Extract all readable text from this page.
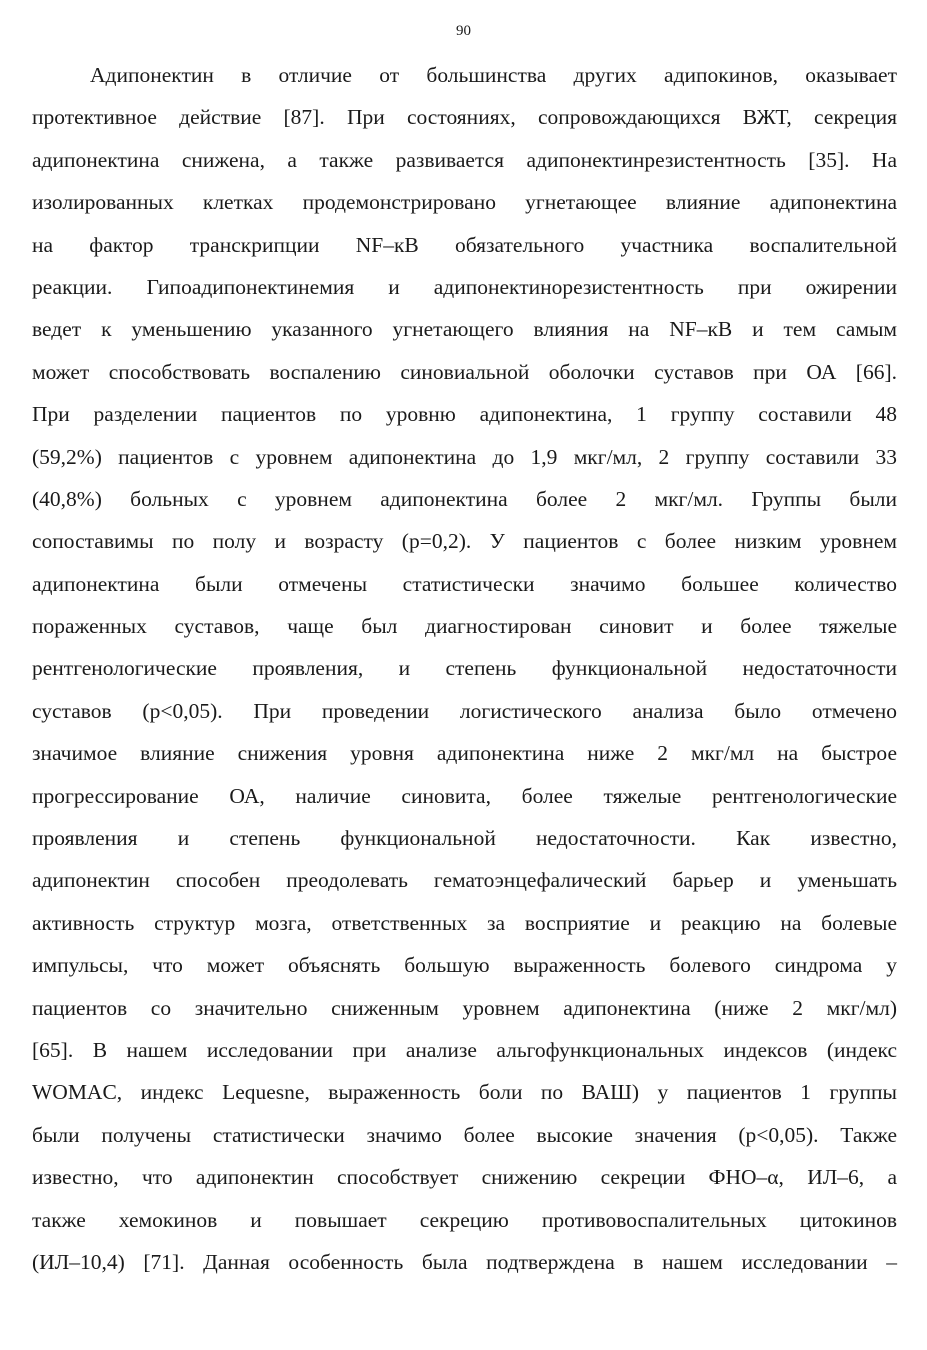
90
Адипонектин в отличие от большинства других адипокинов, оказывает
протективное действие [87]. При состояниях, сопровождающихся ВЖТ, секреция
адипонектина снижена, а также развивается адипонектинрезистентность [35]. На
изолированных клетках продемонстрировано угнетающее влияние адипонектина
на фактор транскрипции NF–кВ обязательного участника воспалительной
реакции. Гипоадипонектинемия и адипонектинорезистентность при ожирении
ведет к уменьшению указанного угнетающего влияния на NF–кВ и тем самым
может способствовать воспалению синовиальной оболочки суставов при ОА [66].
При разделении пациентов по уровню адипонектина, 1 группу составили 48
(59,2%) пациентов с уровнем адипонектина до 1,9 мкг/мл, 2 группу составили 33
(40,8%) больных с уровнем адипонектина более 2 мкг/мл. Группы были
сопоставимы по полу и возрасту (p=0,2). У пациентов с более низким уровнем
адипонектина были отмечены статистически значимо большее количество
пораженных суставов, чаще был диагностирован синовит и более тяжелые
рентгенологические проявления, и степень функциональной недостаточности
суставов (p<0,05). При проведении логистического анализа было отмечено
значимое влияние снижения уровня адипонектина ниже 2 мкг/мл на быстрое
прогрессирование ОА, наличие синовита, более тяжелые рентгенологические
проявления и степень функциональной недостаточности. Как известно,
адипонектин способен преодолевать гематоэнцефалический барьер и уменьшать
активность структур мозга, ответственных за восприятие и реакцию на болевые
импульсы, что может объяснять большую выраженность болевого синдрома у
пациентов со значительно сниженным уровнем адипонектина (ниже 2 мкг/мл)
[65]. В нашем исследовании при анализе альгофункциональных индексов (индекс
WOMAC, индекс Lequesne, выраженность боли по ВАШ) у пациентов 1 группы
были получены статистически значимо более высокие значения (p<0,05). Также
известно, что адипонектин способствует снижению секреции ФНО–α, ИЛ–6, а
также хемокинов и повышает секрецию противовоспалительных цитокинов
(ИЛ–10,4) [71]. Данная особенность была подтверждена в нашем исследовании –
